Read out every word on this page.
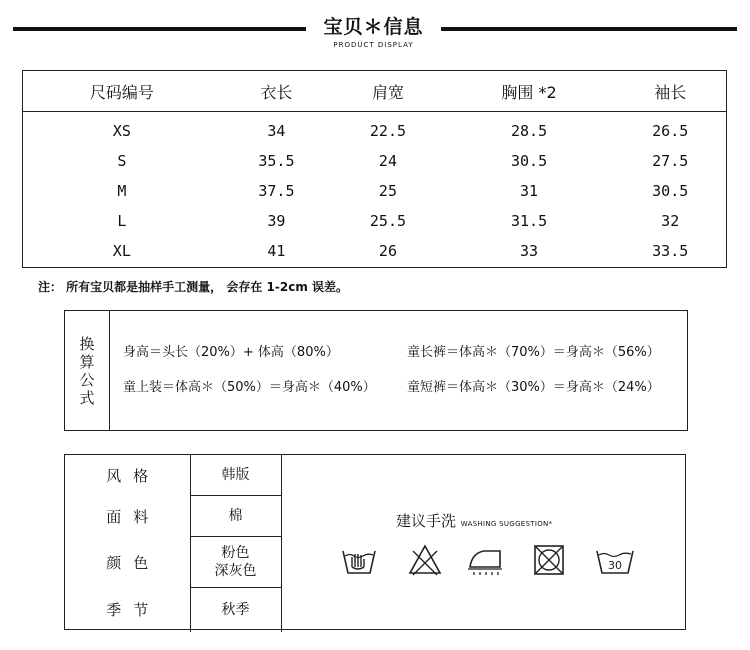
宝贝＊信息
PRODUCT DISPLAY
尺码编号	衣长	肩宽	胸围 *2	袖长
XS	34	22.5	28.5	26.5
S	35.5	24	30.5	27.5
M	37.5	25	31	30.5
L	39	25.5	31.5	32
XL	41	26	33	33.5
注： 所有宝贝都是抽样手工测量， 会存在 1-2cm 误差。
换
算
公
式
身高＝头长（20%）+ 体高（80%）	童长裤＝体高＊（70%）＝身高＊（56%）
童上装＝体高＊（50%）＝身高＊（40%） 童短裤＝体高＊（30%）＝身高＊（24%）
风格	韩版
面料	棉
颜色	粉色
深灰色
季节	秋季
建议手洗 WASHING SUGGESTION*
30
